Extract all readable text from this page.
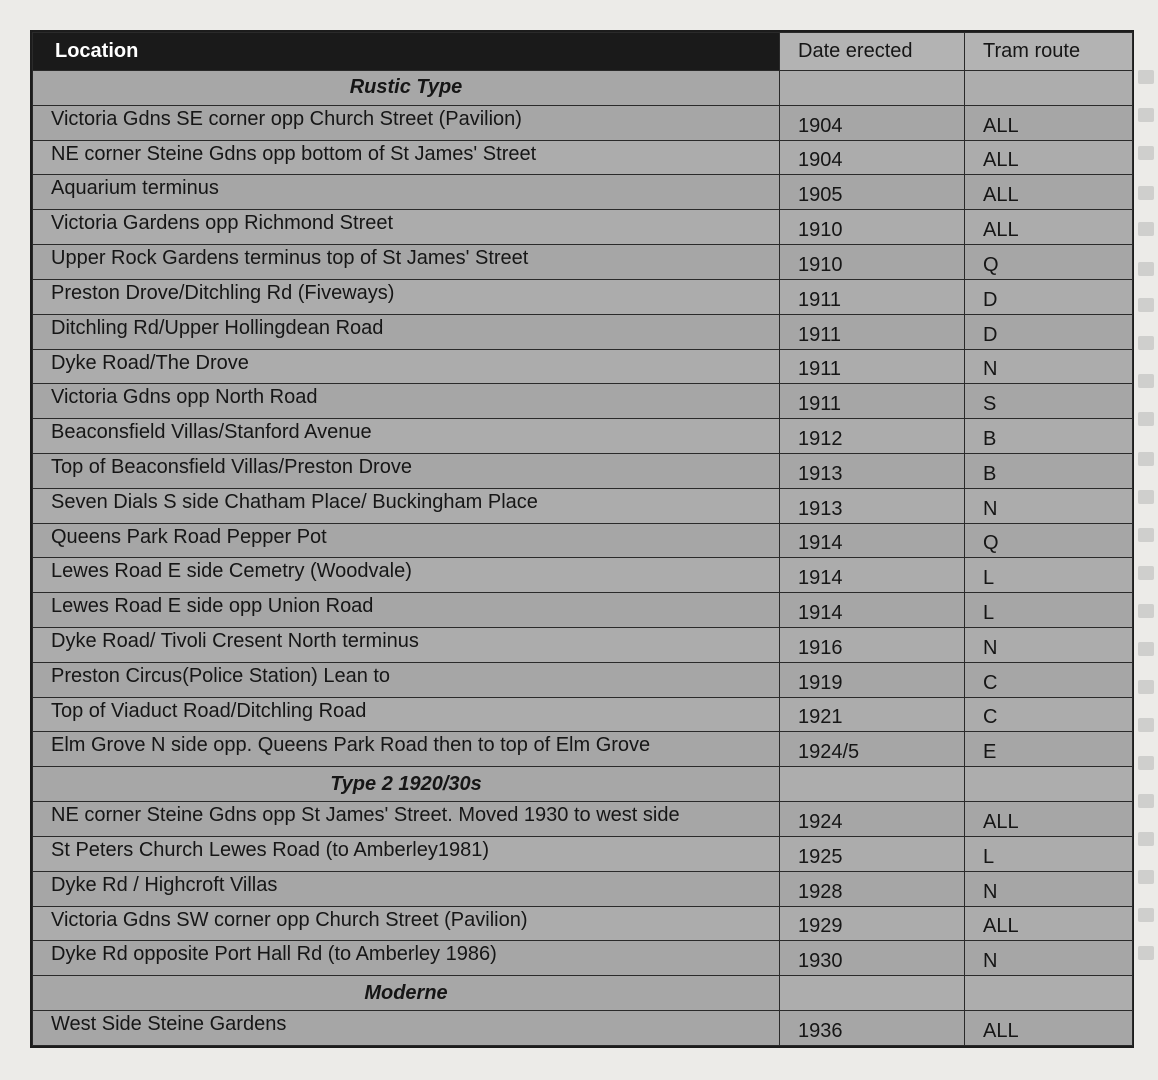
Location	Date erected	Tram route
Rustic Type		
Victoria Gdns SE corner opp Church Street (Pavilion)	1904	ALL
NE corner Steine Gdns opp bottom of St James' Street	1904	ALL
Aquarium terminus	1905	ALL
Victoria Gardens opp Richmond Street	1910	ALL
Upper Rock Gardens terminus top of St James' Street	1910	Q
Preston Drove/Ditchling Rd (Fiveways)	1911	D
Ditchling Rd/Upper Hollingdean Road	1911	D
Dyke Road/The Drove	1911	N
Victoria Gdns opp North Road	1911	S
Beaconsfield Villas/Stanford Avenue	1912	B
Top of Beaconsfield Villas/Preston Drove	1913	B
Seven Dials S side Chatham Place/ Buckingham Place	1913	N
Queens Park Road Pepper Pot	1914	Q
Lewes Road E side Cemetry (Woodvale)	1914	L
Lewes Road E side opp Union Road	1914	L
Dyke Road/ Tivoli Cresent North terminus	1916	N
Preston Circus(Police Station) Lean to	1919	C
Top of Viaduct Road/Ditchling Road	1921	C
Elm Grove N side opp. Queens Park Road then to top of Elm Grove	1924/5	E
Type 2 1920/30s		
NE corner Steine Gdns opp St James' Street. Moved 1930 to west side	1924	ALL
St Peters Church Lewes Road (to Amberley1981)	1925	L
Dyke Rd / Highcroft Villas	1928	N
Victoria Gdns SW corner opp Church Street (Pavilion)	1929	ALL
Dyke Rd opposite Port Hall Rd (to Amberley 1986)	1930	N
Moderne		
West Side Steine Gardens	1936	ALL
